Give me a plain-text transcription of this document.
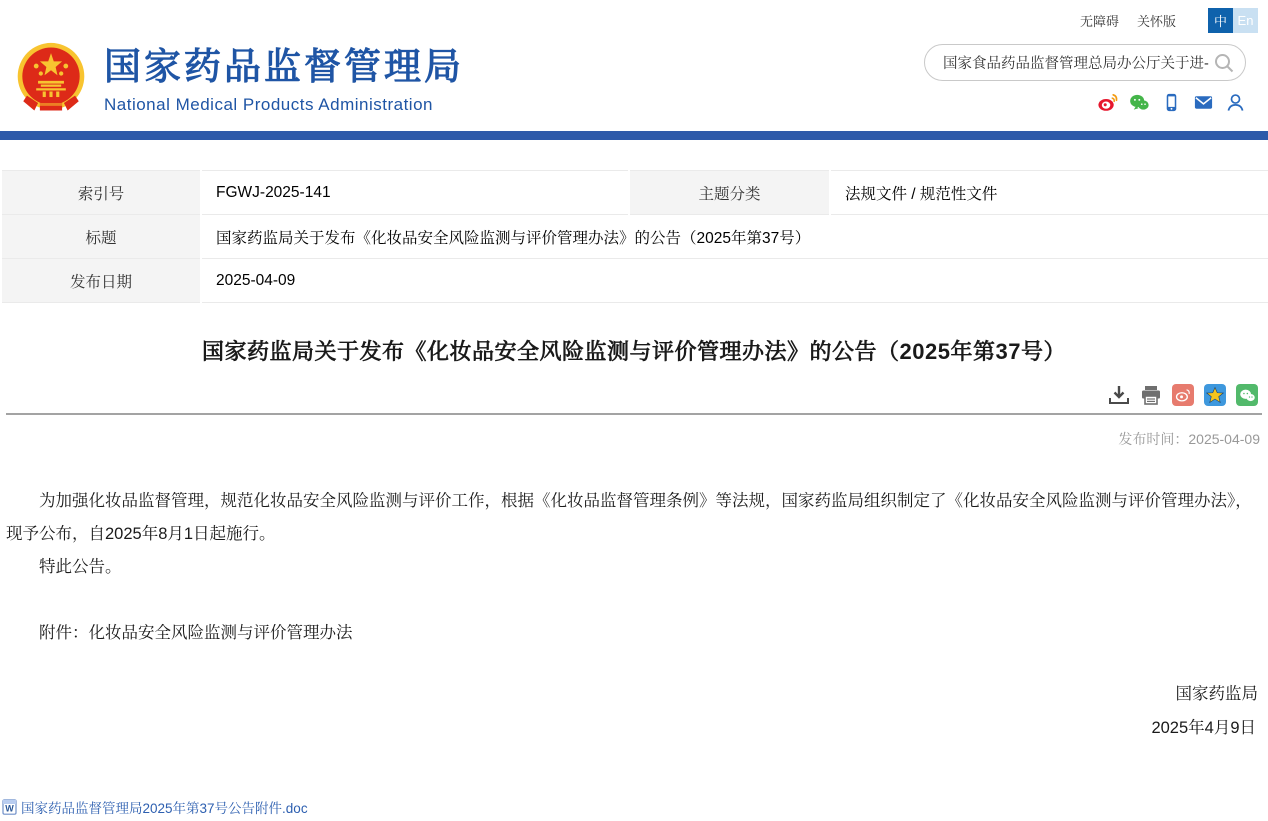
无障碍 关怀版	中 En
国家药品监督管理局
National Medical Products Administration
国家食品药品监督管理总局办公厅关于进-
索引号	FGWJ-2025-141	主题分类	法规文件 / 规范性文件
标题	国家药监局关于发布《化妆品安全风险监测与评价管理办法》的公告（2025年第37号）		
发布日期	2025-04-09		
国家药监局关于发布《化妆品安全风险监测与评价管理办法》的公告（2025年第37号）
发布时间：2025-04-09

为加强化妆品监督管理，规范化妆品安全风险监测与评价工作，根据《化妆品监督管理条例》等法规，国家药监局组织制定了《化妆品安全风险监测与评价管理办法》，现予公布，自2025年8月1日起施行。

特此公告。

附件：化妆品安全风险监测与评价管理办法

国家药监局
2025年4月9日
W 国家药品监督管理局2025年第37号公告附件.doc
